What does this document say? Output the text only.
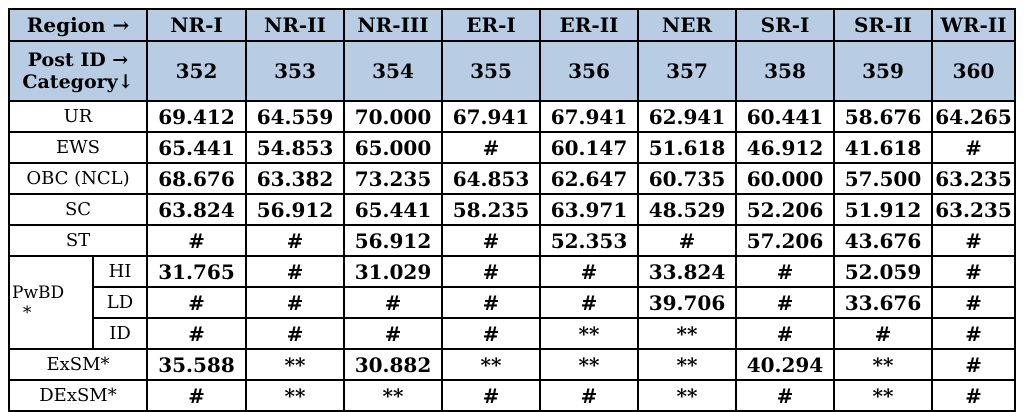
Region →		NR-I	NR-II	NR-III	ER-I	ER-II	NER	SR-I	SR-II	WR-II
Post ID →
Category↓		352	353	354	355	356	357	358	359	360
UR		69.412	64.559	70.000	67.941	67.941	62.941	60.441	58.676	64.265
EWS		65.441	54.853	65.000	#	60.147	51.618	46.912	41.618	#
OBC (NCL)		68.676	63.382	73.235	64.853	62.647	60.735	60.000	57.500	63.235
SC		63.824	56.912	65.441	58.235	63.971	48.529	52.206	51.912	63.235
ST		#	#	56.912	#	52.353	#	57.206	43.676	#
PwBD
*	HI	31.765	#	31.029	#	#	33.824	#	52.059	#
	LD	#	#	#	#	#	39.706	#	33.676	#
	ID	#	#	#	#	**	**	#	#	#
ExSM*		35.588	**	30.882	**	**	**	40.294	**	#
DExSM*		#	**	**	#	#	**	#	**	#
